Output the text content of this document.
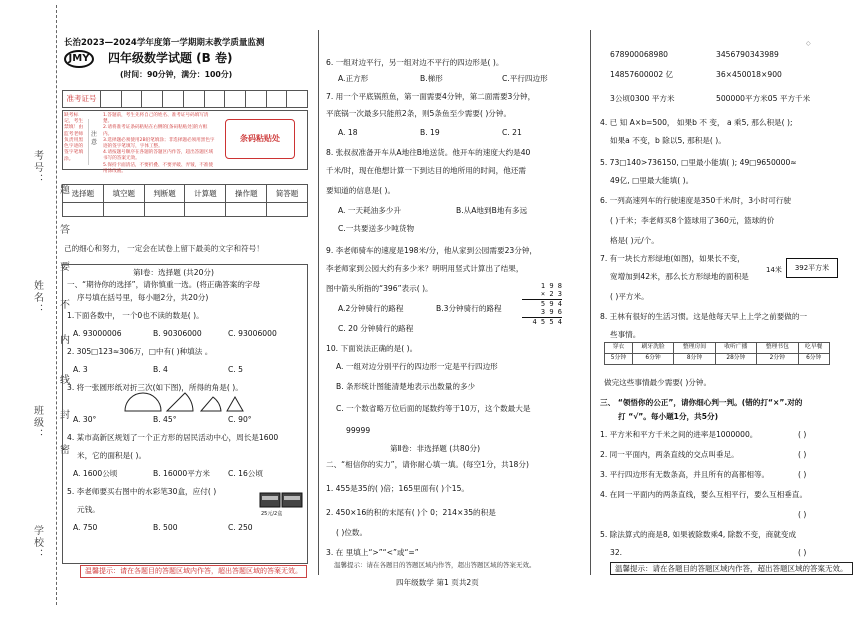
考号：
姓名：
班级：
学校：
题
答
要
不
内
线
封
密
长治2023—2024学年度第一学期期末教学质量监测
JMY	四年级数学试题 (B 卷)
(时间：90分钟，满分：100分)
准考证号
缺考标记，考生禁填！由监考老师负责用黑色字迹的签字笔填涂。
注 意
1.答题前，考生先将自己的姓名、准考证号码填写清楚。
2.请将准考证条码粘贴在右侧的[条码粘贴处]的方框内。
3.选择题必须使用2B铅笔填涂；非选择题必须用黑色字迹的签字笔填写，字体工整。
4.请按题号顺序在各题的答题区内作答，超出答题区域书写的答案无效。
5.保持卡面清洁，不要折叠、不要弄破、弄皱，不准使用涂改液。
条码粘贴处
选择题	填空题	判断题	计算题	操作题	简答题

己的细心和努力， 一定会在试卷上留下最美的文字和符号！
第Ⅰ卷：选择题 (共20分)
一、“期待你的选择”，请你慎重一选。(将正确答案的字母
序号填在括号里，每小题2分，共20分)
1.下面各数中， 一个0也不读的数是( )。
A. 93000006	B. 90306000	C. 93006000
2. 305□123≈306万，□中有( )种填法 。
A. 3	B. 4	C. 5
3. 将一张圆形纸对折三次(如下图)，所得的角是( )。
A. 30°	B. 45°	C. 90°
4. 某市高新区规划了一个正方形的居民活动中心，周长是1600
米，它的面积是( )。
A. 1600公顷	B. 16000平方米	C. 16公顷
5. 李老师要买右图中的水彩笔30盒，应付( )
元钱。	25元/2盒
A. 750	B. 500	C. 250
温馨提示：请在各题目的答题区域内作答，超出答题区域的答案无效。
6. 一组对边平行，另一组对边不平行的四边形是( )。
A.正方形	B.梯形	C.平行四边形
7. 用一个平底锅煎鱼，第一面需要4分钟，第二面需要3分钟，
平底锅一次最多只能煎2条，则5条鱼至少需要( )分钟。
A. 18	B. 19	C. 21
8. 张叔叔准备开车从A地往B地送货。他开车的速度大约是40
千米/时，现在他想计算一下到达目的地所用的时间，他还需
要知道的信息是( )。
A. 一天耗油多少升	B.从A地到B地有多远
C.一共要送多少吨货物
9. 李老师骑车的速度是198米/分，他从家到公园需要23分钟，
李老师家到公园大约有多少米？明明用竖式计算出了结果，
图中箭头所指的“396”表示( )。
A.2分钟骑行的路程	B.3分钟骑行的路程
C. 20 分钟骑行的路程
1 9 8
× 2 3
5 9 4
3 9 6
4 5 5 4
10. 下面说法正确的是( )。
A. 一组对边分别平行的四边形一定是平行四边形
B. 条形统计图能清楚地表示出数量的多少
C. 一个数省略万位后面的尾数约等于10万，这个数最大是
99999
第Ⅱ卷：非选择题 (共80分)
二、“相信你的实力”，请你耐心填一填。(每空1分，共18分)
1. 455是35的( )倍；165里面有( )个15。
2. 450×16的积的末尾有( )个 0；214×35的积是
( )位数。
3. 在 里填上“>”“<”或“=”
温馨提示：请在各题目的答题区域内作答，超出答题区域的答案无效。
四年级数学 第1 页共2页
◇
678900068980	3456790343989
14857600002 亿	36×450018×900
3公顷0300 平方米	500000平方米05 平方千米
4. 已 知 A×b=500， 如果b 不 变， a 乘5, 那么积是( );
如果a 不变，b 除以5, 那积是( )。
5. 73□140>736150, □里最小能填( ); 49□9650000≈
49亿, □里最大能填( )。
6. 一列高速列车的行驶速度是350千米/时，3小时可行驶
( )千米；李老师买8个篮球用了360元，篮球的价
格是( )元/个。
7. 有一块长方形绿地(如图)，如果长不变，
宽增加到42米，那么长方形绿地的面积是
( )平方米。
14米	392平方米
8. 王林有很好的生活习惯。这是他每天早上上学之前要做的一
些事情。
穿衣	刷牙洗脸	整理房间	收听广播	整理书包	吃早餐
5分钟	6分钟	8分钟	28分钟	2分钟	6分钟
做完这些事情最少需要( )分钟。
三、 “领悟你的公正”，请你细心判一判。(错的打“×”.对的
打 “√”。每小题1分，共5分)
1. 平方米和平方千米之间的进率是1000000。	( )
2. 同一平面内，两条直线的交点叫垂足。	( )
3. 平行四边形有无数条高，并且所有的高都相等。	( )
4. 在同一平面内的两条直线，要么互相平行，要么互相垂直。
( )
5. 除法算式的商是8, 如果被除数乘4, 除数不变，商就变成
32.	( )
温馨提示：请在各题目的答题区域内作答，超出答题区域的答案无效。
